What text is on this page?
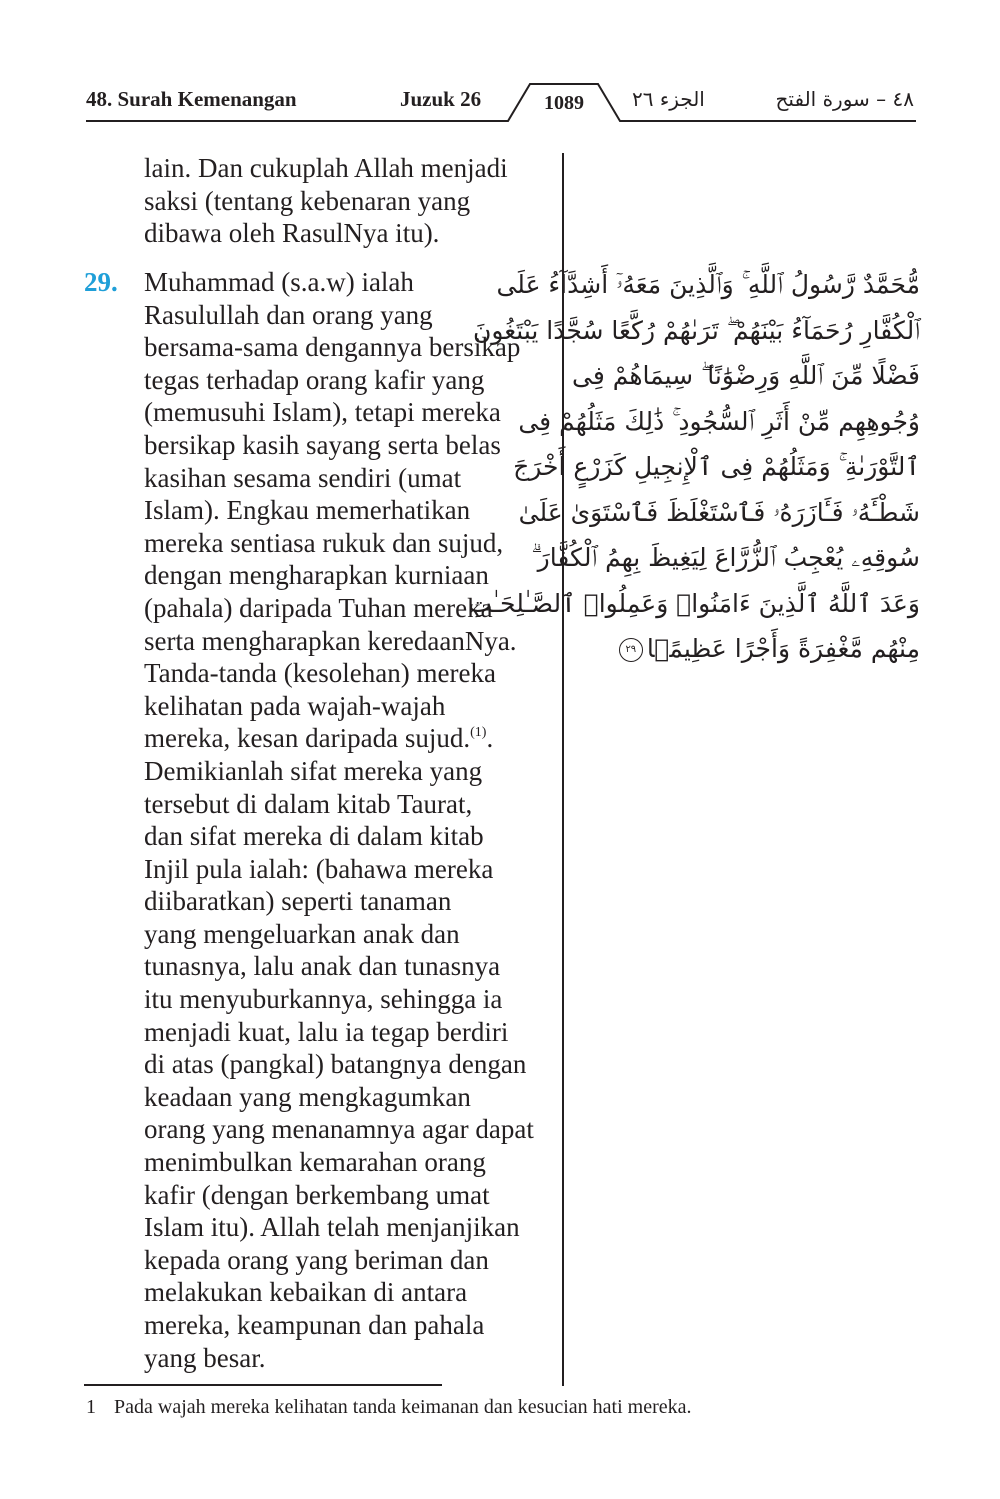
48. Surah Kemenangan	Juzuk 26	1089	الجزء ٢٦	٤٨ – سورة الفتح
lain. Dan cukuplah Allah menjadi
saksi (tentang kebenaran yang
dibawa oleh RasulNya itu).
29. Muhammad (s.a.w) ialah
Rasulullah dan orang yang
bersama-sama dengannya bersikap
tegas terhadap orang kafir yang
(memusuhi Islam), tetapi mereka
bersikap kasih sayang serta belas
kasihan sesama sendiri (umat
Islam). Engkau memerhatikan
mereka sentiasa rukuk dan sujud,
dengan mengharapkan kurniaan
(pahala) daripada Tuhan mereka
serta mengharapkan keredaanNya.
Tanda-tanda (kesolehan) mereka
kelihatan pada wajah-wajah
mereka, kesan daripada sujud.$^{(1)}$.
Demikianlah sifat mereka yang
tersebut di dalam kitab Taurat,
dan sifat mereka di dalam kitab
Injil pula ialah: (bahawa mereka
diibaratkan) seperti tanaman
yang mengeluarkan anak dan
tunasnya, lalu anak dan tunasnya
itu menyuburkannya, sehingga ia
menjadi kuat, lalu ia tegap berdiri
di atas (pangkal) batangnya dengan
keadaan yang mengkagumkan
orang yang menanamnya agar dapat
menimbulkan kemarahan orang
kafir (dengan berkembang umat
Islam itu). Allah telah menjanjikan
kepada orang yang beriman dan
melakukan kebaikan di antara
mereka, keampunan dan pahala
yang besar.
مُّحَمَّدٌ رَّسُولُ ٱللَّهِ ۚ وَٱلَّذِينَ مَعَهُۥٓ أَشِدَّآءُ عَلَى
ٱلْكُفَّارِ رُحَمَآءُ بَيْنَهُمْ ۖ تَرَىٰهُمْ رُكَّعًا سُجَّدًا يَبْتَغُونَ
فَضْلًا مِّنَ ٱللَّهِ وَرِضْوَٰنًا ۖ سِيمَاهُمْ فِى
وُجُوهِهِم مِّنْ أَثَرِ ٱلسُّجُودِ ۚ ذَٰلِكَ مَثَلُهُمْ فِى
ٱلتَّوْرَىٰةِ ۚ وَمَثَلُهُمْ فِى ٱلْإِنجِيلِ كَزَرْعٍ أَخْرَجَ
شَطْـَٔهُۥ فَـَٔازَرَهُۥ فَٱسْتَغْلَظَ فَٱسْتَوَىٰ عَلَىٰ
سُوقِهِۦ يُعْجِبُ ٱلزُّرَّاعَ لِيَغِيظَ بِهِمُ ٱلْكُفَّارَ ۗ
وَعَدَ ٱللَّهُ ٱلَّذِينَ ءَامَنُوا۟ وَعَمِلُوا۟ ٱلصَّـٰلِحَـٰتِ
مِنْهُم مَّغْفِرَةً وَأَجْرًا عَظِيمًۢا٢٩
1 Pada wajah mereka kelihatan tanda keimanan dan kesucian hati mereka.
